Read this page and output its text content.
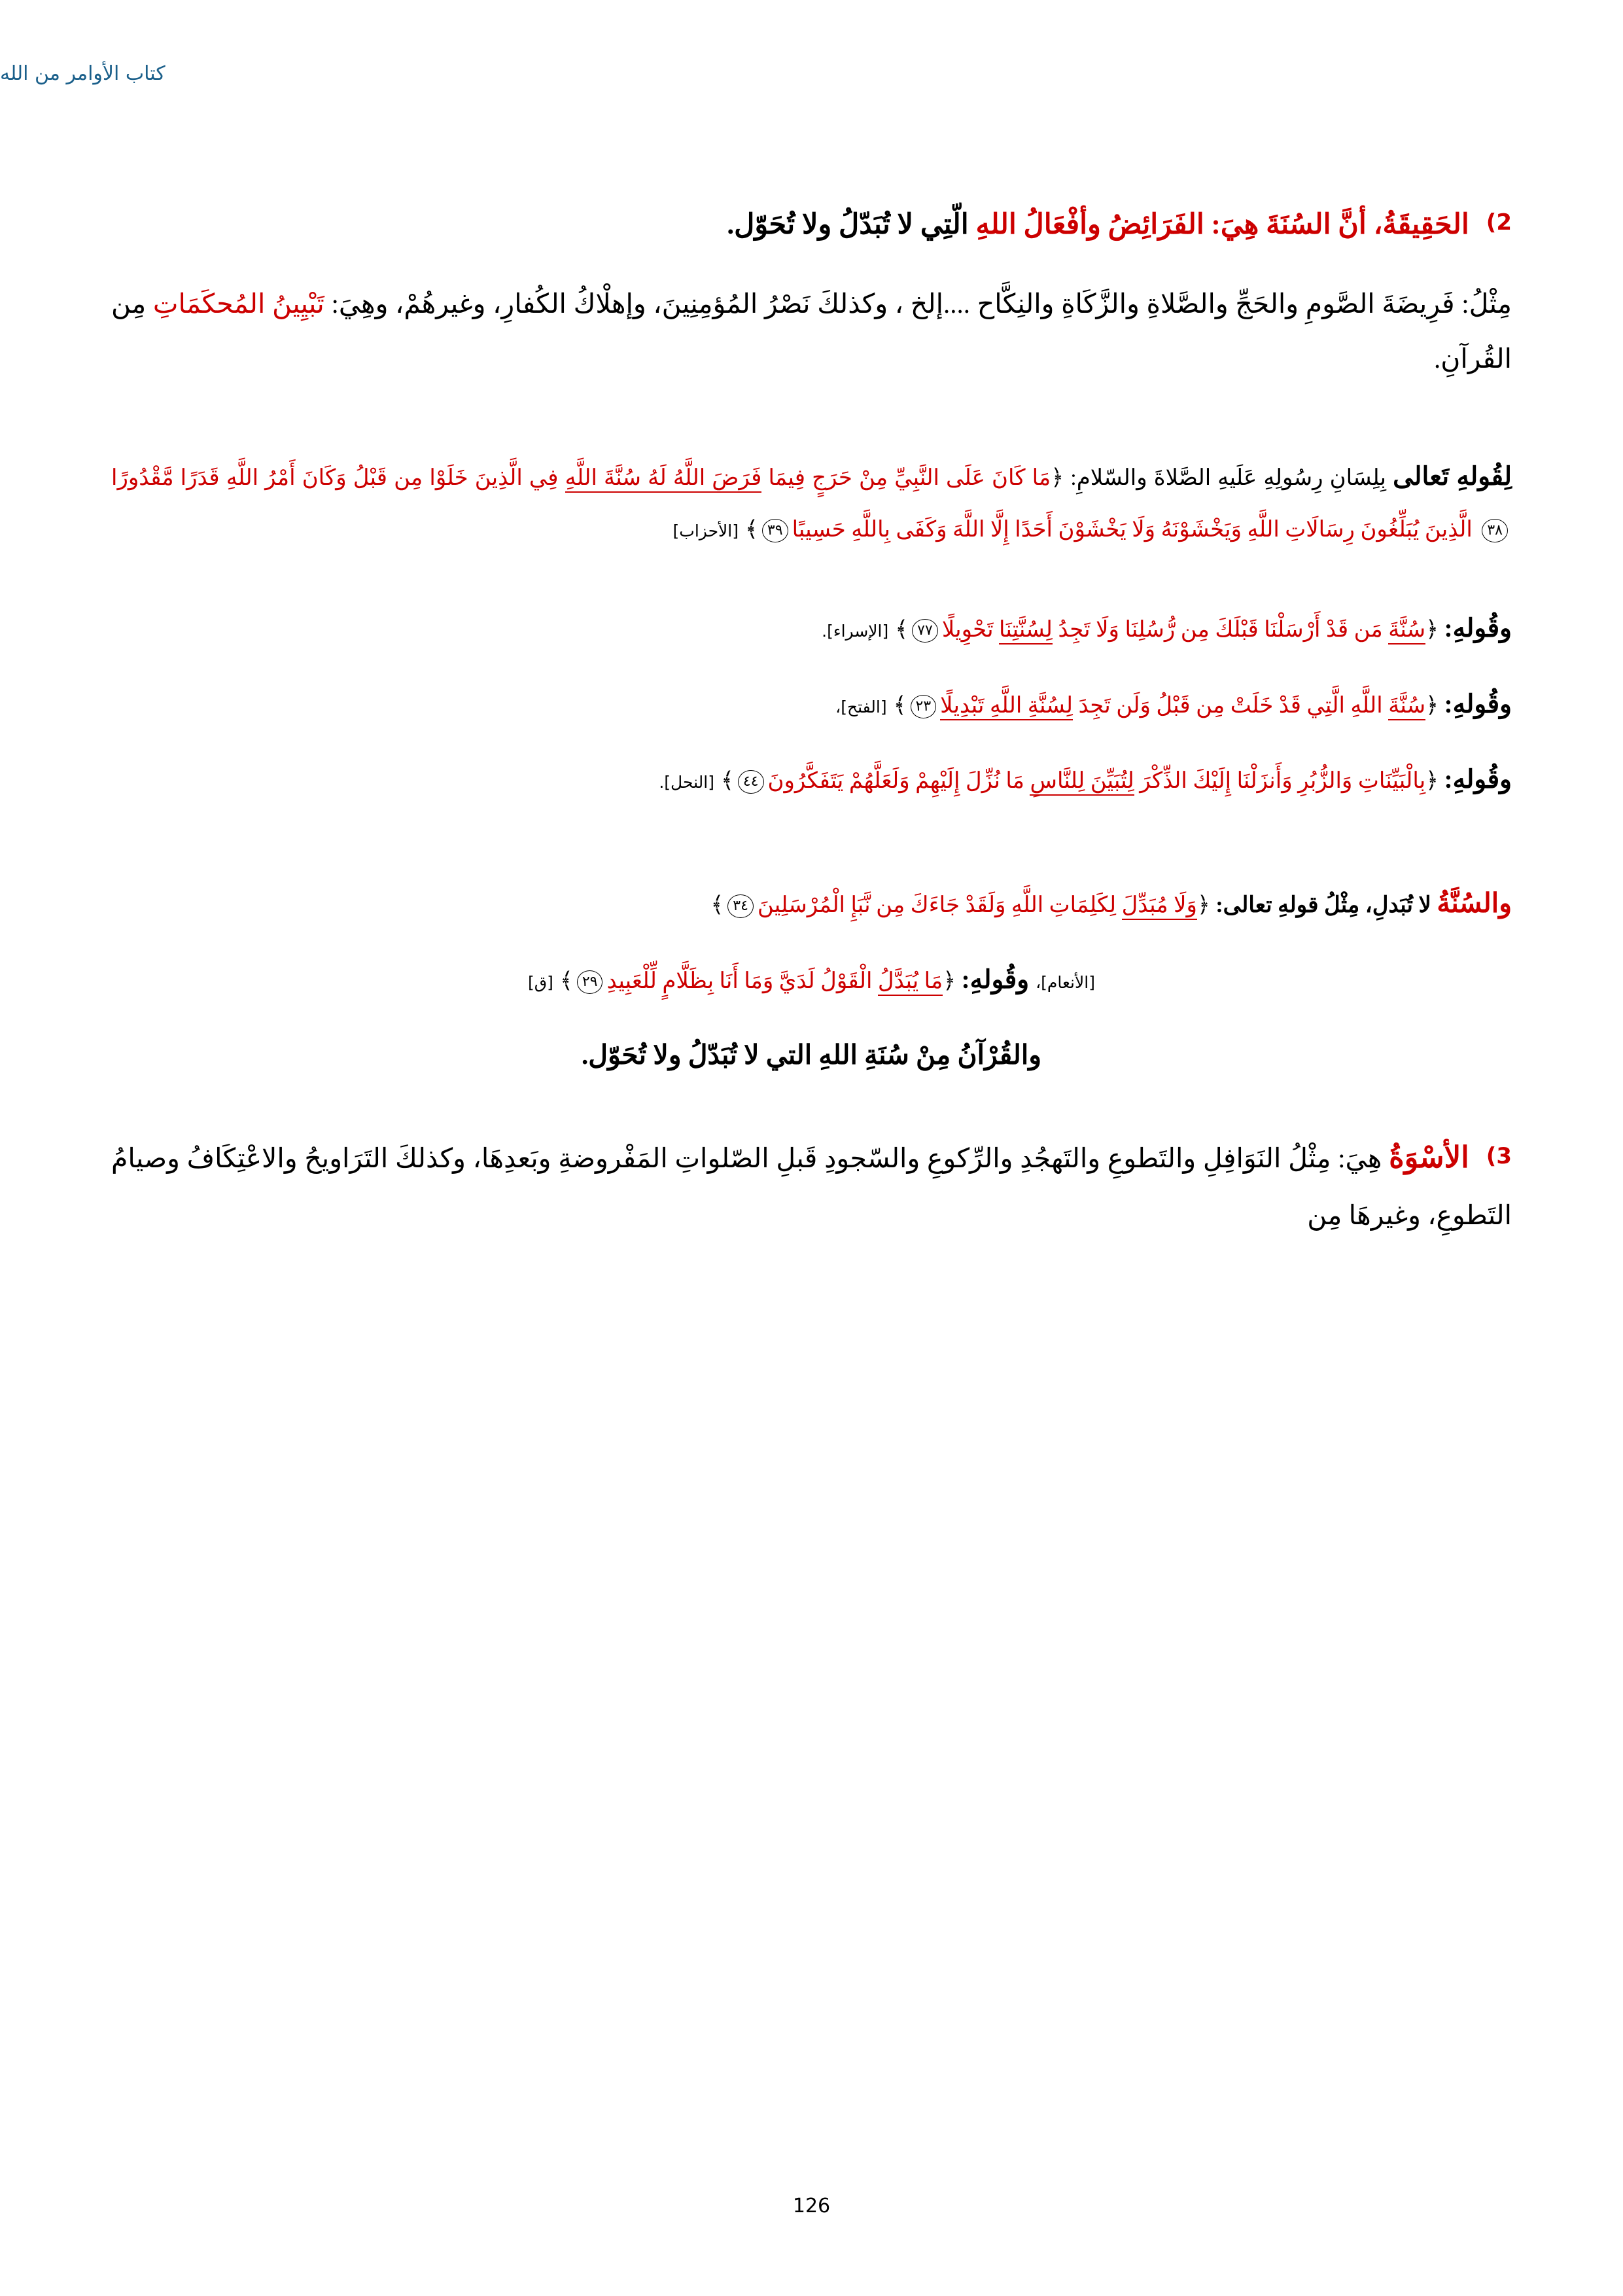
كتاب الأوامر من الله
2)الحَقِيقَةُ، أنَّ السُنَةَ هِيَ: الفَرَائِضُ وأفْعَالُ اللهِ الّتِي لا تُبَدّلُ ولا تُحَوّل.
مِثْلُ: فَرِيضَةَ الصَّومِ والحَجِّ والصَّلاةِ والزَّكَاةِ والنِكَّاح ....إلخ ، وكذلكَ نَصْرُ المُؤمِنِينَ، وإهلْاكُ الكُفارِ، وغيرهُمْ، وهِيَ: تَبْيِينُ المُحكَمَاتِ مِن القُرآنِ.
لِقُولهِ تَعالى بِلِسَانِ رِسُولِهِ عَلَيهِ الصَّلاةَ والسّلامِ: ﴿مَا كَانَ عَلَى النَّبِيِّ مِنْ حَرَجٍ فِيمَا فَرَضَ اللَّهُ لَهُ سُنَّةَ اللَّهِ فِي الَّذِينَ خَلَوْا مِن قَبْلُ وَكَانَ أَمْرُ اللَّهِ قَدَرًا مَّقْدُورًا٣٨ الَّذِينَ يُبَلِّغُونَ رِسَالَاتِ اللَّهِ وَيَخْشَوْنَهُ وَلَا يَخْشَوْنَ أَحَدًا إِلَّا اللَّهَ وَكَفَى بِاللَّهِ حَسِيبًا٣٩﴾[الأحزاب]
وقُولهِ: ﴿سُنَّةَ مَن قَدْ أَرْسَلْنَا قَبْلَكَ مِن رُّسُلِنَا وَلَا تَجِدُ لِسُنَّتِنَا تَحْوِيلًا٧٧﴾[الإسراء].
وقُولهِ: ﴿سُنَّةَ اللَّهِ الَّتِي قَدْ خَلَتْ مِن قَبْلُ وَلَن تَجِدَ لِسُنَّةِ اللَّهِ تَبْدِيلًا٢٣﴾[الفتح]،
وقُولهِ: ﴿بِالْبَيِّنَاتِ وَالزُّبُرِ وَأَنزَلْنَا إِلَيْكَ الذِّكْرَ لِتُبَيِّنَ لِلنَّاسِ مَا نُزِّلَ إِلَيْهِمْ وَلَعَلَّهُمْ يَتَفَكَّرُونَ٤٤﴾[النحل].
والسُنَّةُ لا تُبَدلِ، مِثْلُ قولهِ تعالى: ﴿وَلَا مُبَدِّلَ لِكَلِمَاتِ اللَّهِ وَلَقَدْ جَاءَكَ مِن نَّبَإِ الْمُرْسَلِينَ٣٤﴾
[الأنعام]،وقُولهِ: ﴿مَا يُبَدَّلُ الْقَوْلُ لَدَيَّ وَمَا أَنَا بِظَلَّامٍ لِّلْعَبِيدِ٢٩﴾[ق]
والقُرْآنُ مِنْ سُنَةِ اللهِ التي لا تُبَدّلُ ولا تُحَوّل.
3)الأسْوَةُ هِيَ: مِثْلُ النَوَافِلِ والتَطوعِ والتَهجُدِ والرِّكوعِ والسّجودِ قَبلِ الصّلواتِ المَفْروضةِ وبَعدِهَا، وكذلكَ التَرَاويحُ والاعْتِكَافُ وصيامُ التَطوعِ، وغيرهَا مِن
126
